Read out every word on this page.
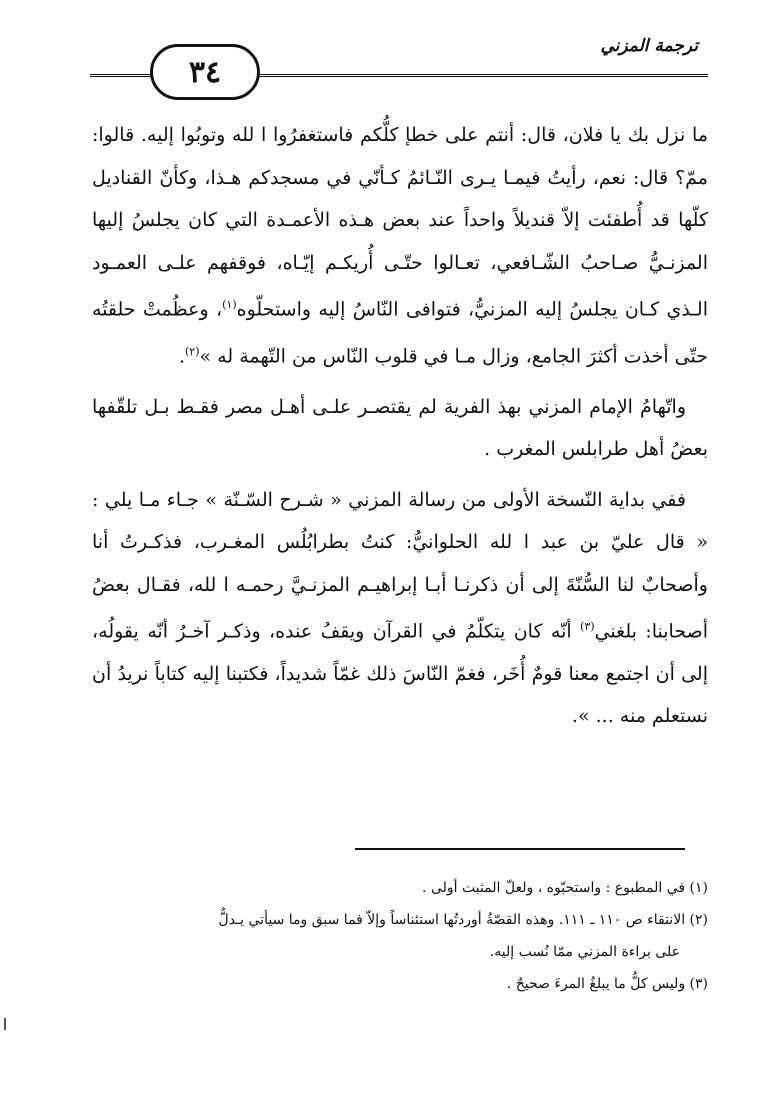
ترجمة المزني
٣٤

ما نزل بك يا فلان، قال: أنتم على خطإ كلُّكم فاستغفرُوا ا لله وتوبُوا إليه. قالوا: ممّ؟ قال: نعم، رأيتُ فيمـا يـرى النّـائمُ كـأنّي في مسجدكم هـذا، وكأنّ القناديل كلّها قد أُطفئت إلاّ قنديلاً واحداً عند بعض هـذه الأعمـدة التي كان يجلسُ إليها المزنـيُّ صـاحبُ الشّـافعي، تعـالوا حتّـى أُريكـم إيّـاه، فوقفهم علـى العمـود الـذي كـان يجلسُ إليه المزنيُّ، فتوافى النّاسُ إليه واستحلّوه$^{(١)}$، وعظُمتْ حلقتُه حتّى أخذت أكثرَ الجامع، وزال مـا في قلوب النّاس من التّهمة له »$^{(٢)}$.

واتّهامُ الإمام المزني بهذ الفرية لم يقتصـر علـى أهـل مصر فقـط بـل تلقّفها بعضُ أهل طرابلس المغرب .

ففي بداية النّسخة الأولى من رسالة المزني « شـرح السّـنّة » جـاء مـا يلي : « قال عليّ بن عبد ا لله الحلوانيُّ: كنتُ بطرابُلُس المغـرب، فذكـرتُ أنا وأصحابٌ لنا السُّنّةَ إلى أن ذكرنـا أبـا إبراهيـم المزنـيَّ رحمـه ا لله، فقـال بعضُ أصحابنا: بلغني$^{(٣)}$ أنّه كان يتكلّمُ في القرآن ويقفُ عنده، وذكـر آخـرُ أنّه يقولُه، إلى أن اجتمع معنا قومٌ أُخَر، فغمّ النّاسَ ذلك غمّاً شديداً، فكتبنا إليه كتاباً نريدُ أن نستعلم منه ... ».

(١) في المطبوع : واستحبّوه ، ولعلّ المثبت أولى .

(٢) الانتقاء ص ١١٠ ـ ١١١. وهذه القصّةُ أوردتُها استئناساً وإلاّ فما سبق وما سيأتي يـدلُّ

على براءة المزني ممّا نُسب إليه.

(٣) وليس كلُّ ما يبلغُ المرءَ صحيحٌ .
